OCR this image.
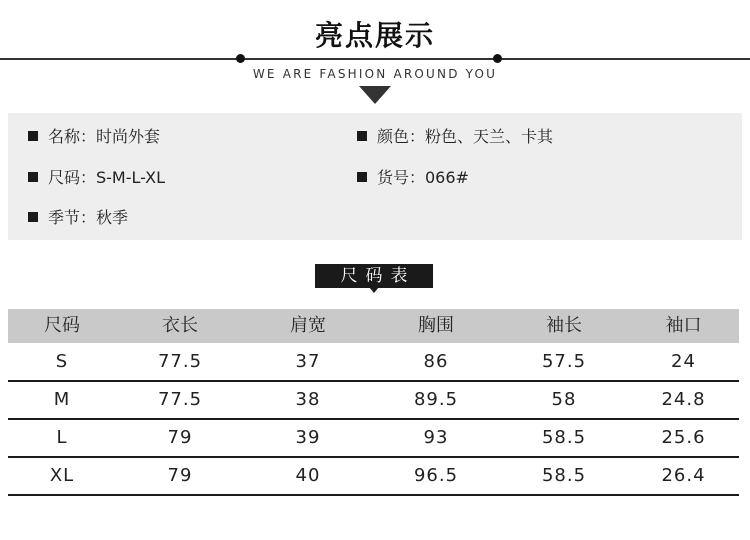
亮点展示
WE ARE FASHION AROUND YOU
名称：时尚外套	颜色：粉色、天兰、卡其
尺码：S-M-L-XL	货号：066#
季节：秋季
尺码表
尺码	衣长	肩宽	胸围	袖长	袖口
S	77.5	37	86	57.5	24
M	77.5	38	89.5	58	24.8
L	79	39	93	58.5	25.6
XL	79	40	96.5	58.5	26.4
